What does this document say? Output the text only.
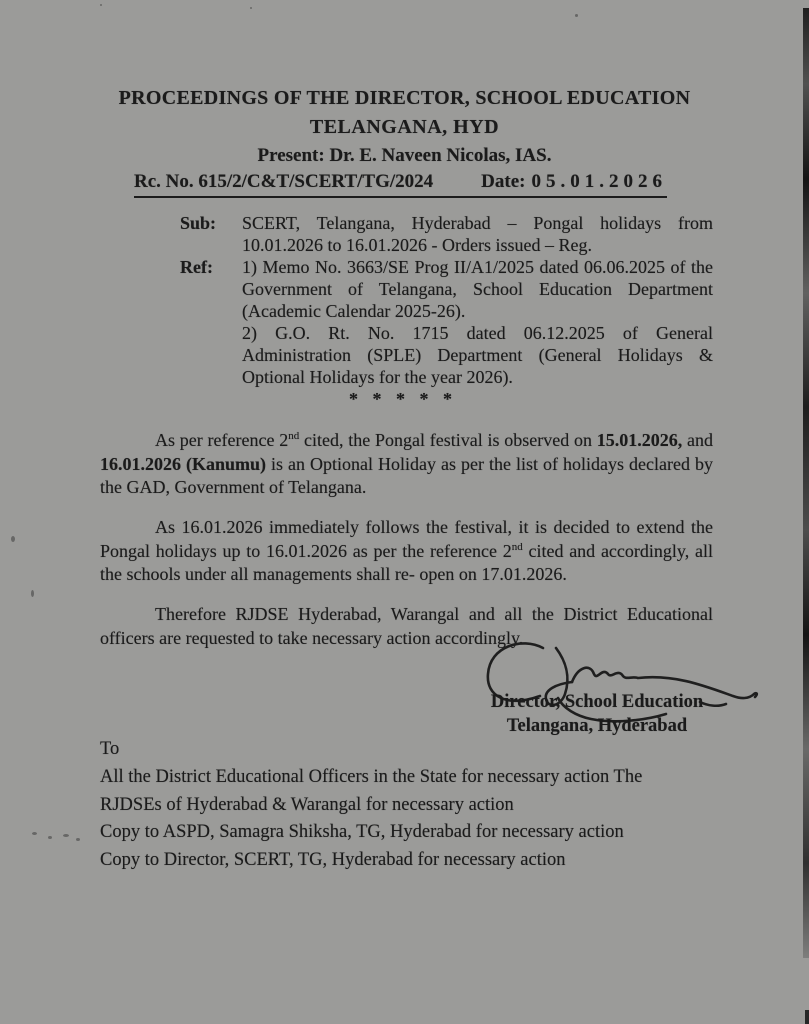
PROCEEDINGS OF THE DIRECTOR, SCHOOL EDUCATION
TELANGANA, HYD
Present: Dr. E. Naveen Nicolas, IAS.
Rc. No. 615/2/C&T/SCERT/TG/2024	Date: 05.01.2026
Sub:	SCERT, Telangana, Hyderabad – Pongal holidays from 10.01.2026 to 16.01.2026 - Orders issued – Reg.

Ref:	1) Memo No. 3663/SE Prog II/A1/2025 dated 06.06.2025 of the Government of Telangana, School Education Department (Academic Calendar 2025-26).

2) G.O. Rt. No. 1715 dated 06.12.2025 of General Administration (SPLE) Department (General Holidays & Optional Holidays for the year 2026).

* * * * *

As per reference 2nd cited, the Pongal festival is observed on 15.01.2026, and 16.01.2026 (Kanumu) is an Optional Holiday as per the list of holidays declared by the GAD, Government of Telangana.

As 16.01.2026 immediately follows the festival, it is decided to extend the Pongal holidays up to 16.01.2026 as per the reference 2nd cited and accordingly, all the schools under all managements shall re- open on 17.01.2026.

Therefore RJDSE Hyderabad, Warangal and all the District Educational officers are requested to take necessary action accordingly.

Director, School Education
Telangana, Hyderabad
To
All the District Educational Officers in the State for necessary action The
RJDSEs of Hyderabad & Warangal for necessary action
Copy to ASPD, Samagra Shiksha, TG, Hyderabad for necessary action
Copy to Director, SCERT, TG, Hyderabad for necessary action
